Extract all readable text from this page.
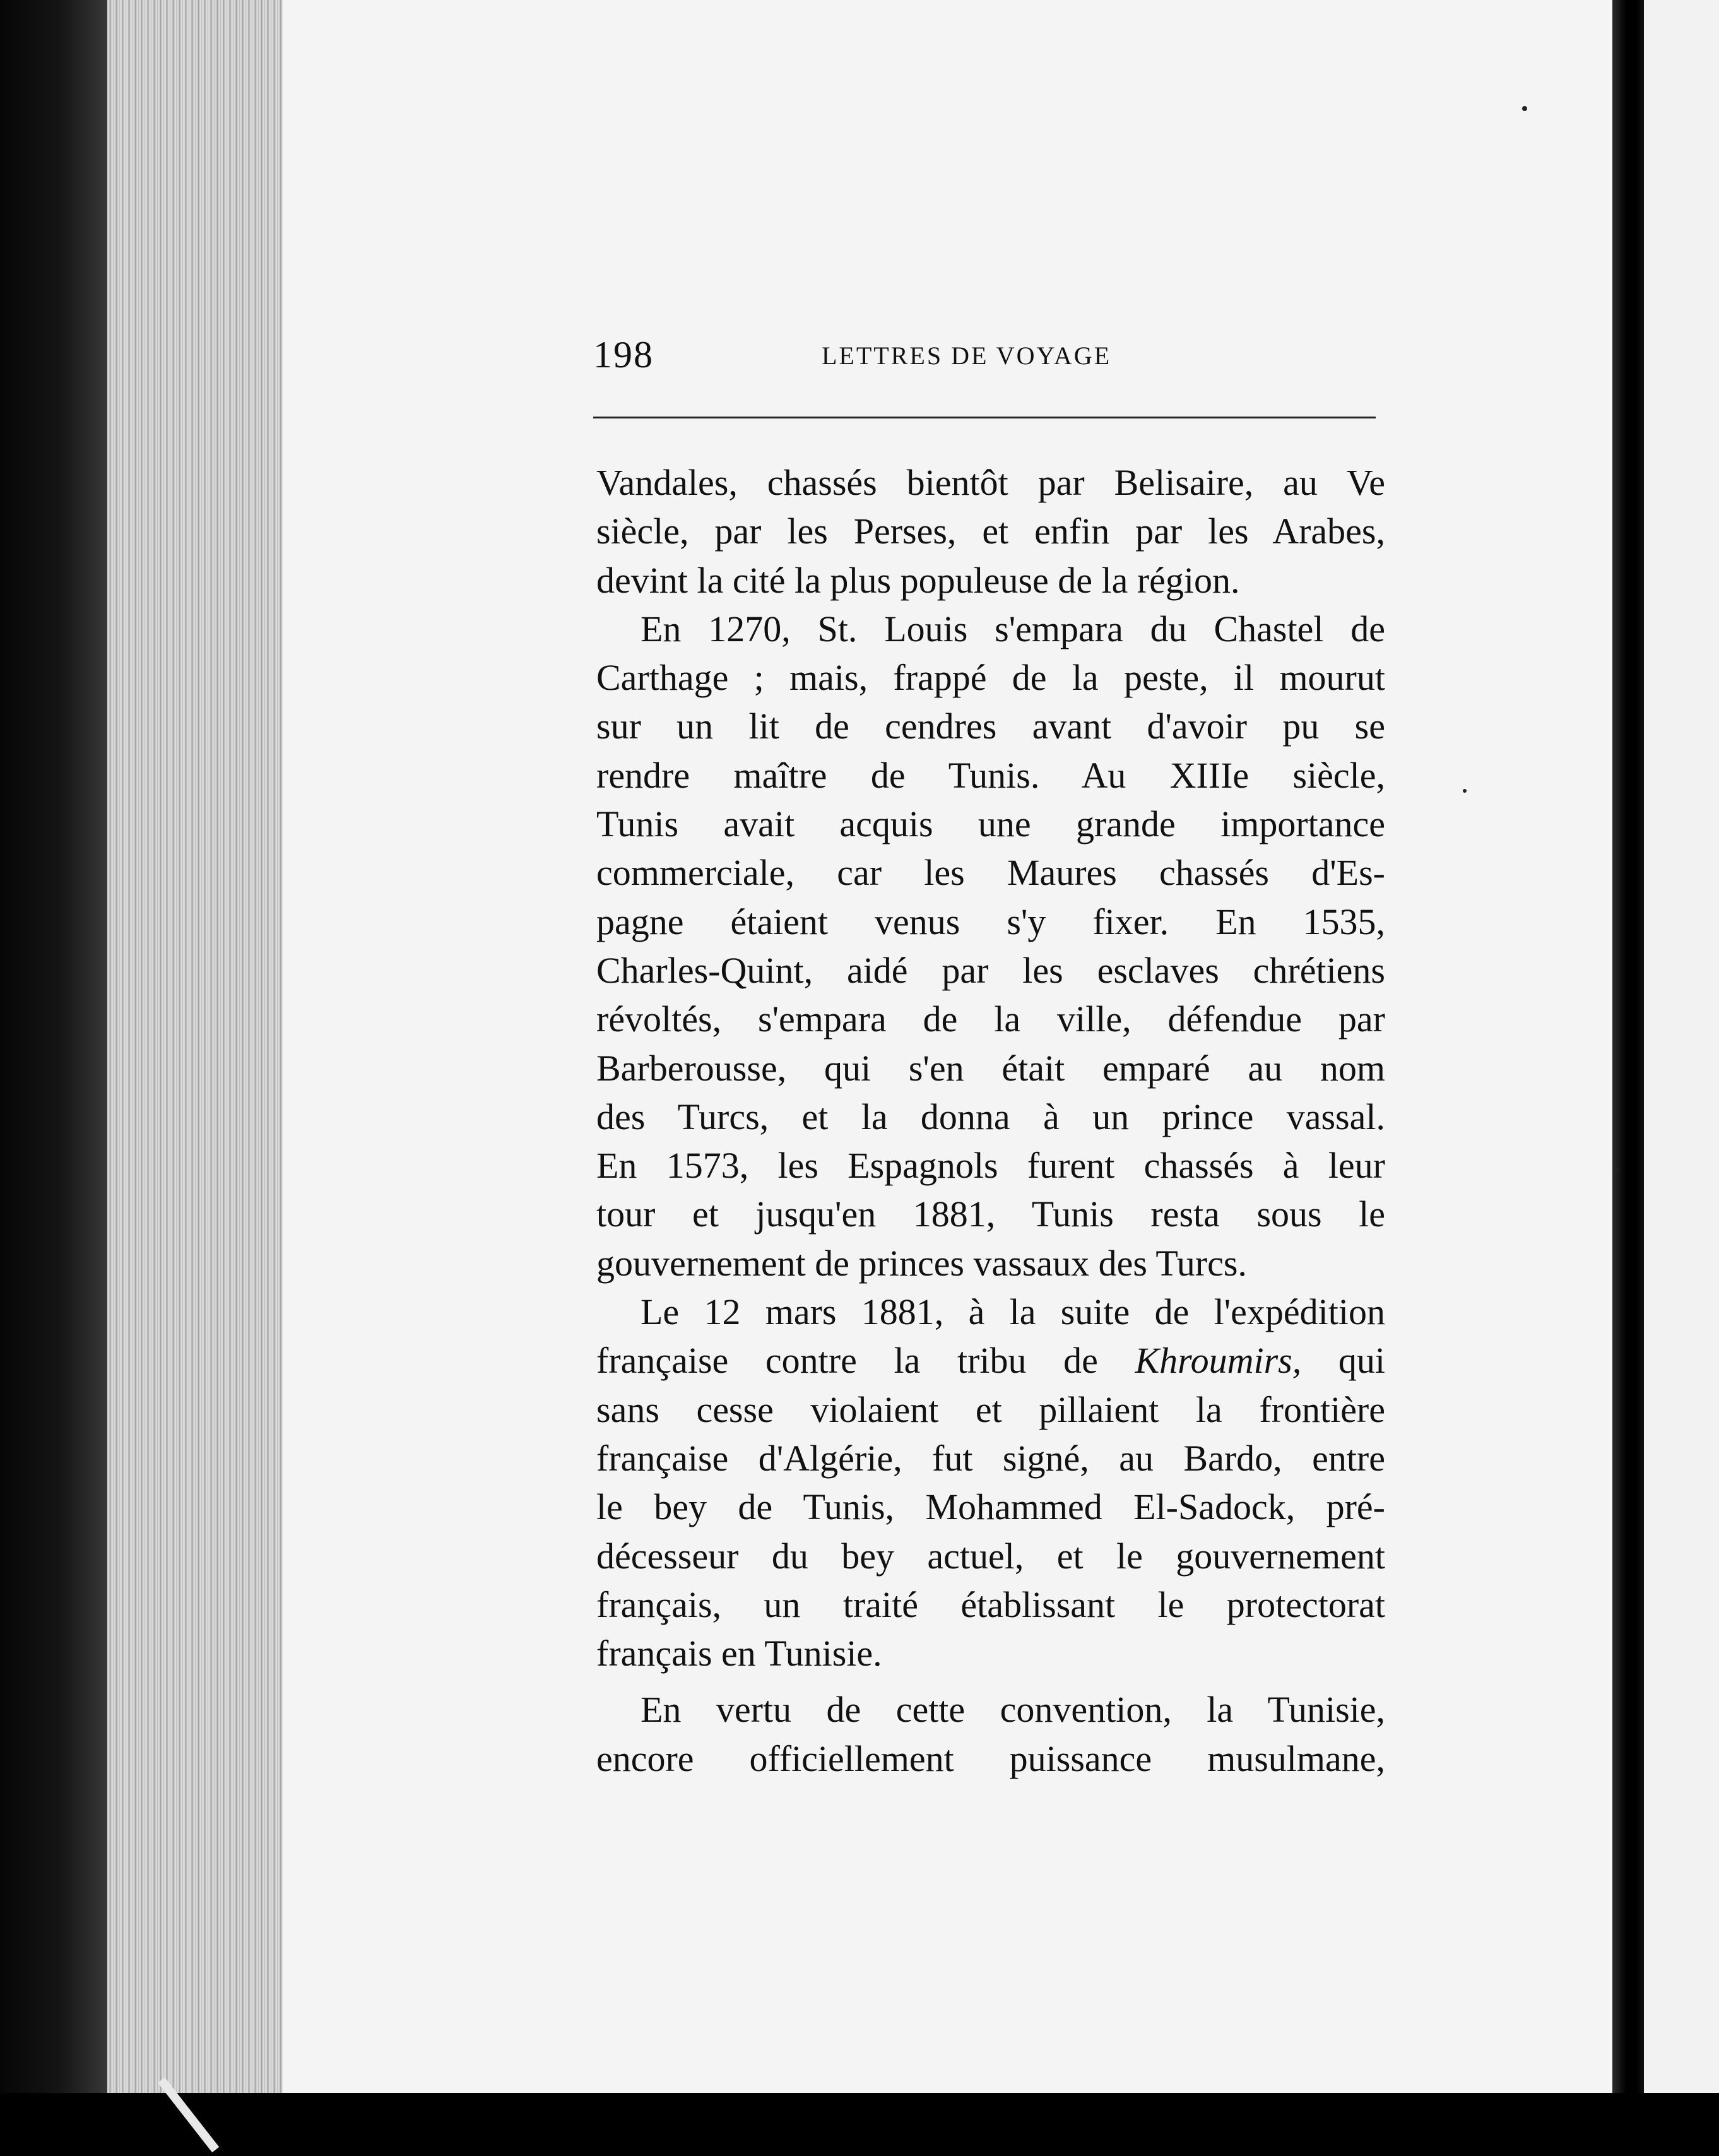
198	LETTRES DE VOYAGE
Vandales, chassés bientôt par Belisaire, au Ve
siècle, par les Perses, et enfin par les Arabes,
devint la cité la plus populeuse de la région.
En 1270, St. Louis s'empara du Chastel de
Carthage ; mais, frappé de la peste, il mourut
sur un lit de cendres avant d'avoir pu se
rendre maître de Tunis. Au XIIIe siècle,
Tunis avait acquis une grande importance
commerciale, car les Maures chassés d'Es-
pagne étaient venus s'y fixer. En 1535,
Charles-Quint, aidé par les esclaves chrétiens
révoltés, s'empara de la ville, défendue par
Barberousse, qui s'en était emparé au nom
des Turcs, et la donna à un prince vassal.
En 1573, les Espagnols furent chassés à leur
tour et jusqu'en 1881, Tunis resta sous le
gouvernement de princes vassaux des Turcs.
Le 12 mars 1881, à la suite de l'expédition
française contre la tribu de Khroumirs, qui
sans cesse violaient et pillaient la frontière
française d'Algérie, fut signé, au Bardo, entre
le bey de Tunis, Mohammed El-Sadock, pré-
décesseur du bey actuel, et le gouvernement
français, un traité établissant le protectorat
français en Tunisie.
En vertu de cette convention, la Tunisie,
encore officiellement puissance musulmane,
